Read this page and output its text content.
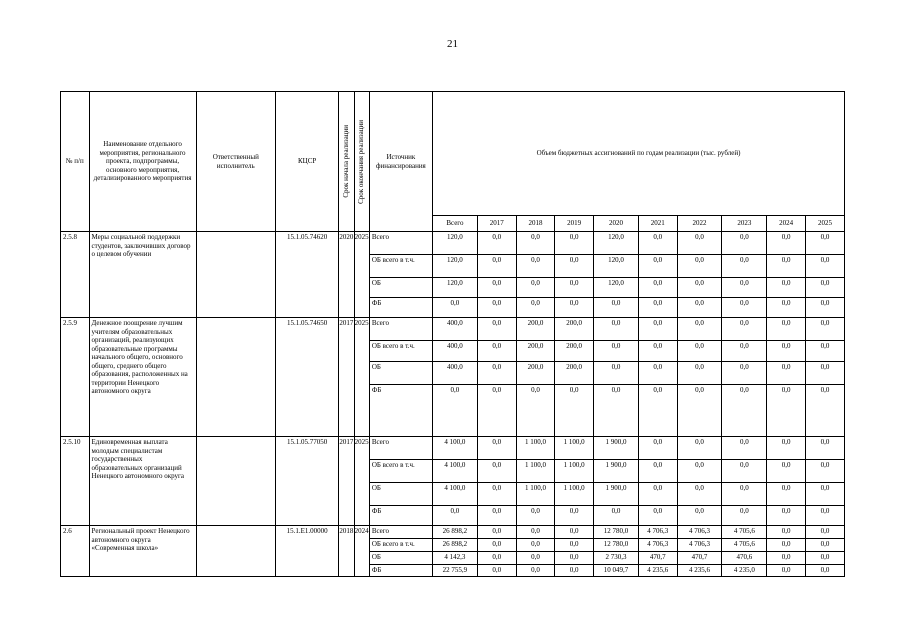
21
№ п/п	Наименование отдельного мероприятия, регионального проекта, подпрограммы, основного мероприятия, детализированного мероприятия	Ответственный исполнитель	КЦСР	Срок начала реализации	Срок окончания реализации	Источник финансирования	Объем бюджетных ассигнований по годам реализации (тыс. рублей)									
							Всего	2017	2018	2019	2020	2021	2022	2023	2024	2025
2.5.8	Меры социальной поддержки студентов, заключивших договор о целевом обучении		15.1.05.74620	2020	2025	Всего	120,0	0,0	0,0	0,0	120,0	0,0	0,0	0,0	0,0	0,0
						ОБ всего в т.ч.	120,0	0,0	0,0	0,0	120,0	0,0	0,0	0,0	0,0	0,0
						ОБ	120,0	0,0	0,0	0,0	120,0	0,0	0,0	0,0	0,0	0,0
						ФБ	0,0	0,0	0,0	0,0	0,0	0,0	0,0	0,0	0,0	0,0
2.5.9	Денежное поощрение лучшим учителям образовательных организаций, реализующих образовательные программы начального общего, основного общего, среднего общего образования, расположенных на территории Ненецкого автономного округа		15.1.05.74650	2017	2025	Всего	400,0	0,0	200,0	200,0	0,0	0,0	0,0	0,0	0,0	0,0
						ОБ всего в т.ч.	400,0	0,0	200,0	200,0	0,0	0,0	0,0	0,0	0,0	0,0
						ОБ	400,0	0,0	200,0	200,0	0,0	0,0	0,0	0,0	0,0	0,0
						ФБ	0,0	0,0	0,0	0,0	0,0	0,0	0,0	0,0	0,0	0,0
2.5.10	Единовременная выплата молодым специалистам государственных образовательных организаций Ненецкого автономного округа		15.1.05.77050	2017	2025	Всего	4 100,0	0,0	1 100,0	1 100,0	1 900,0	0,0	0,0	0,0	0,0	0,0
						ОБ всего в т.ч.	4 100,0	0,0	1 100,0	1 100,0	1 900,0	0,0	0,0	0,0	0,0	0,0
						ОБ	4 100,0	0,0	1 100,0	1 100,0	1 900,0	0,0	0,0	0,0	0,0	0,0
						ФБ	0,0	0,0	0,0	0,0	0,0	0,0	0,0	0,0	0,0	0,0
2.6	Региональный проект Ненецкого автономного округа «Современная школа»		15.1.Е1.00000	2018	2024	Всего	26 898,2	0,0	0,0	0,0	12 780,0	4 706,3	4 706,3	4 705,6	0,0	0,0
						ОБ всего в т.ч.	26 898,2	0,0	0,0	0,0	12 780,0	4 706,3	4 706,3	4 705,6	0,0	0,0
						ОБ	4 142,3	0,0	0,0	0,0	2 730,3	470,7	470,7	470,6	0,0	0,0
						ФБ	22 755,9	0,0	0,0	0,0	10 049,7	4 235,6	4 235,6	4 235,0	0,0	0,0
